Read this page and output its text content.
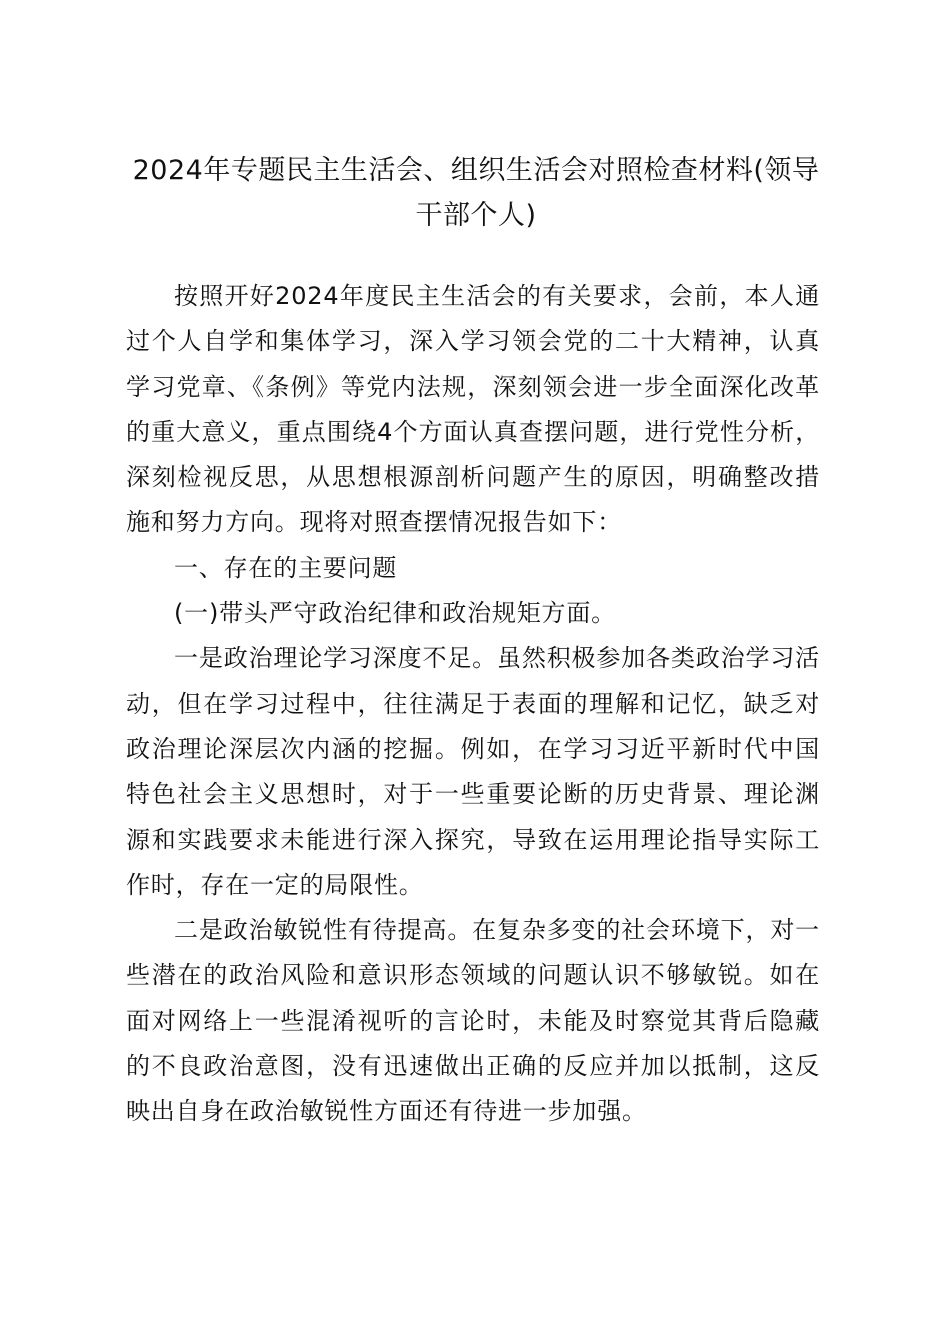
2024年专题民主生活会、组织生活会对照检查材料(领导干部个人)

按照开好2024年度民主生活会的有关要求，会前，本人通过个人自学和集体学习，深入学习领会党的二十大精神，认真学习党章、《条例》等党内法规，深刻领会进一步全面深化改革的重大意义，重点围绕4个方面认真查摆问题，进行党性分析，深刻检视反思，从思想根源剖析问题产生的原因，明确整改措施和努力方向。现将对照查摆情况报告如下：

一、存在的主要问题

(一)带头严守政治纪律和政治规矩方面。

一是政治理论学习深度不足。虽然积极参加各类政治学习活动，但在学习过程中，往往满足于表面的理解和记忆，缺乏对政治理论深层次内涵的挖掘。例如，在学习习近平新时代中国特色社会主义思想时，对于一些重要论断的历史背景、理论渊源和实践要求未能进行深入探究，导致在运用理论指导实际工作时，存在一定的局限性。

二是政治敏锐性有待提高。在复杂多变的社会环境下，对一些潜在的政治风险和意识形态领域的问题认识不够敏锐。如在面对网络上一些混淆视听的言论时，未能及时察觉其背后隐藏的不良政治意图，没有迅速做出正确的反应并加以抵制，这反映出自身在政治敏锐性方面还有待进一步加强。
